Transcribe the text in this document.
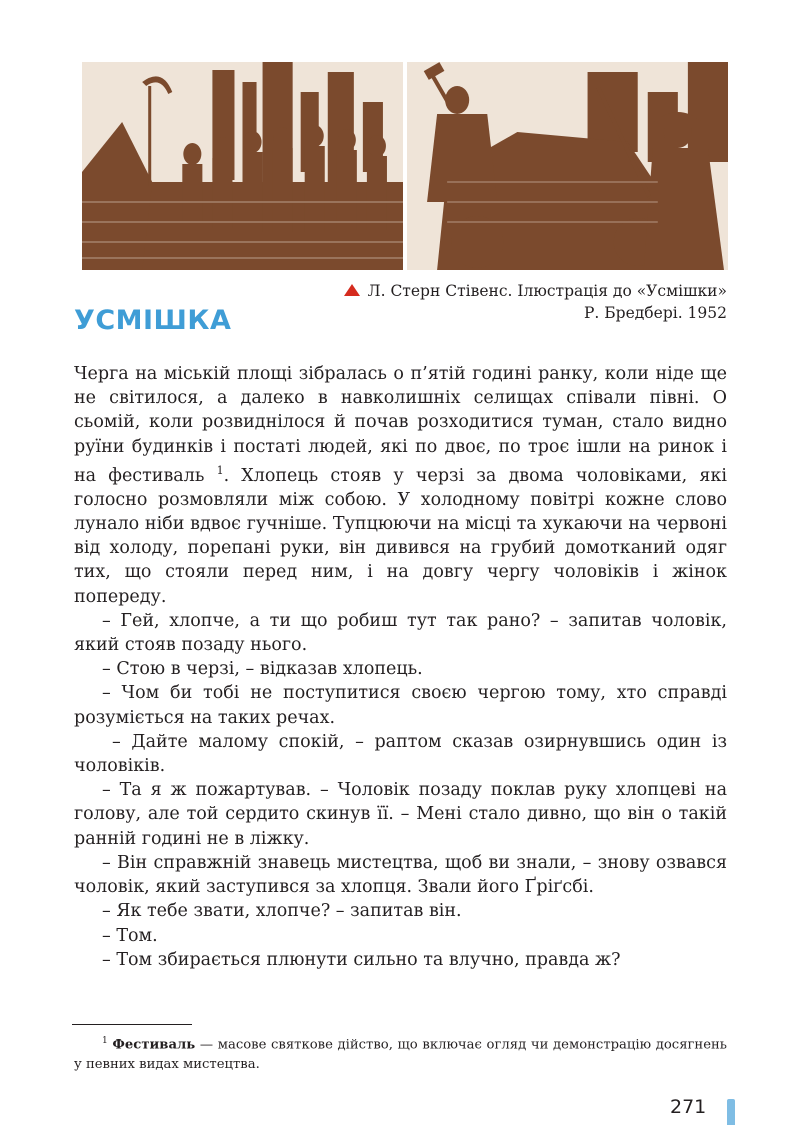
Л. Стерн Стівенс. Ілюстрація до «Усмішки»
Р. Бредбері. 1952
УСМІШКА

Черга на міській площі зібралась о п’ятій годині ранку, коли ніде ще не світилося, а далеко в навколишніх селищах співали півні. О сьомій, коли розвиднілося й почав розходитися туман, стало видно руїни будинків і постаті людей, які по двоє, по троє ішли на ринок і на фестиваль $^1$. Хлопець стояв у черзі за двома чоловіками, які голосно розмовляли між собою. У холодному повітрі кожне слово лунало ніби вдвоє гучніше. Тупцюючи на місці та хукаючи на червоні від холоду, порепані руки, він дивився на грубий домотканий одяг тих, що стояли перед ним, і на довгу чергу чоловіків і жінок попереду.

– Гей, хлопче, а ти що робиш тут так рано? – запитав чоловік, який стояв позаду нього.

– Стою в черзі, – відказав хлопець.

– Чом би тобі не поступитися своєю чергою тому, хто справді розуміється на таких речах.

– Дайте малому спокій, – раптом сказав озирнувшись один із чоловіків.

– Та я ж пожартував. – Чоловік позаду поклав руку хлопцеві на голову, але той сердито скинув її. – Мені стало дивно, що він о такій ранній годині не в ліжку.

– Він справжній знавець мистецтва, щоб ви знали, – знову озвався чоловік, який заступився за хлопця. Звали його Ґріґсбі.

– Як тебе звати, хлопче? – запитав він.

– Том.

– Том збирається плюнути сильно та влучно, правда ж?

$^1$ Фестиваль — масове святкове дійство, що включає огляд чи демонстрацію досягнень у певних видах мистецтва.
271
